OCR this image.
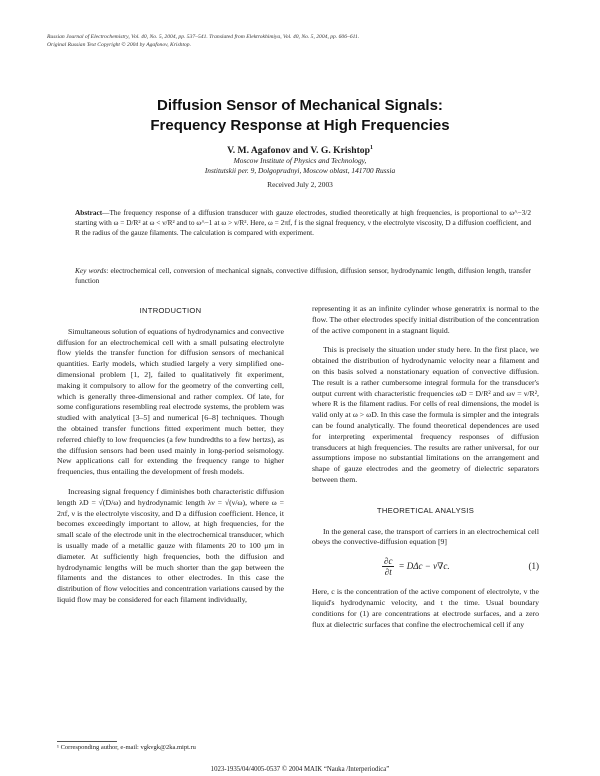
Russian Journal of Electrochemistry, Vol. 40, No. 5, 2004, pp. 537–541. Translated from Elektrokhimiya, Vol. 40, No. 5, 2004, pp. 606–611.
Original Russian Text Copyright © 2004 by Agafonov, Krishtop.
Diffusion Sensor of Mechanical Signals:
Frequency Response at High Frequencies
V. M. Agafonov and V. G. Krishtop$^1$
Moscow Institute of Physics and Technology,
Institutskii per. 9, Dolgoprudnyi, Moscow oblast, 141700 Russia
Received July 2, 2003
Abstract—The frequency response of a diffusion transducer with gauze electrodes, studied theoretically at high frequencies, is proportional to ω^−3/2 starting with ω = D/R² at ω < ν/R² and to ω^−1 at ω > ν/R². Here, ω = 2πf, f is the signal frequency, ν the electrolyte viscosity, D a diffusion coefficient, and R the radius of the gauze filaments. The calculation is compared with experiment.
Key words: electrochemical cell, conversion of mechanical signals, convective diffusion, diffusion sensor, hydrodynamic length, diffusion length, transfer function
INTRODUCTION

Simultaneous solution of equations of hydrodynamics and convective diffusion for an electrochemical cell with a small pulsating electrolyte flow yields the transfer function for diffusion sensors of mechanical quantities. Early models, which studied largely a very simplified one-dimensional problem [1, 2], failed to qualitatively fit experiment, making it compulsory to allow for the geometry of the converting cell, which is generally three-dimensional and rather complex. Of late, for some configurations resembling real electrode systems, the problem was studied with analytical [3–5] and numerical [6–8] techniques. Though the obtained transfer functions fitted experiment much better, they referred chiefly to low frequencies (a few hundredths to a few hertzs), as the diffusion sensors had been used mainly in long-period seismology. New applications call for extending the frequency range to higher frequencies, thus entailing the development of fresh models.

Increasing signal frequency f diminishes both characteristic diffusion length λD = √(D/ω) and hydrodynamic length λν = √(ν/ω), where ω = 2πf, ν is the electrolyte viscosity, and D a diffusion coefficient. Hence, it becomes exceedingly important to allow, at high frequencies, for the small scale of the electrode unit in the electrochemical transducer, which is usually made of a metallic gauze with filaments 20 to 100 μm in diameter. At sufficiently high frequencies, both the diffusion and hydrodynamic lengths will be much shorter than the gap between the filaments and the distances to other electrodes. In this case the distribution of flow velocities and concentration variations caused by the liquid flow may be considered for each filament individually,

representing it as an infinite cylinder whose generatrix is normal to the flow. The other electrodes specify initial distribution of the concentration of the active component in a stagnant liquid.

This is precisely the situation under study here. In the first place, we obtained the distribution of hydrodynamic velocity near a filament and on this basis solved a nonstationary equation of convective diffusion. The result is a rather cumbersome integral formula for the transducer's output current with characteristic frequencies ωD = D/R² and ων = ν/R², where R is the filament radius. For cells of real dimensions, the model is valid only at ω > ωD. In this case the formula is simpler and the integrals can be found analytically. The found theoretical dependences are used for interpreting experimental frequency responses of diffusion transducers at high frequencies. The results are rather universal, for our assumptions impose no substantial limitations on the arrangement and shape of gauze electrodes and the geometry of dielectric separators between them.

THEORETICAL ANALYSIS

In the general case, the transport of carriers in an electrochemical cell obeys the convective-diffusion equation [9]

$\frac{\partial c}{\partial t} = D\Delta c - v\nabla c$.	(1)

Here, c is the concentration of the active component of electrolyte, v the liquid's hydrodynamic velocity, and t the time. Usual boundary conditions for (1) are concentrations at electrode surfaces, and a zero flux at dielectric surfaces that confine the electrochemical cell if any

¹ Corresponding author, e-mail: vgkvgk@2ka.mipt.ru
1023-1935/04/4005-0537 © 2004 MAIK “Nauka /Interperiodica”
